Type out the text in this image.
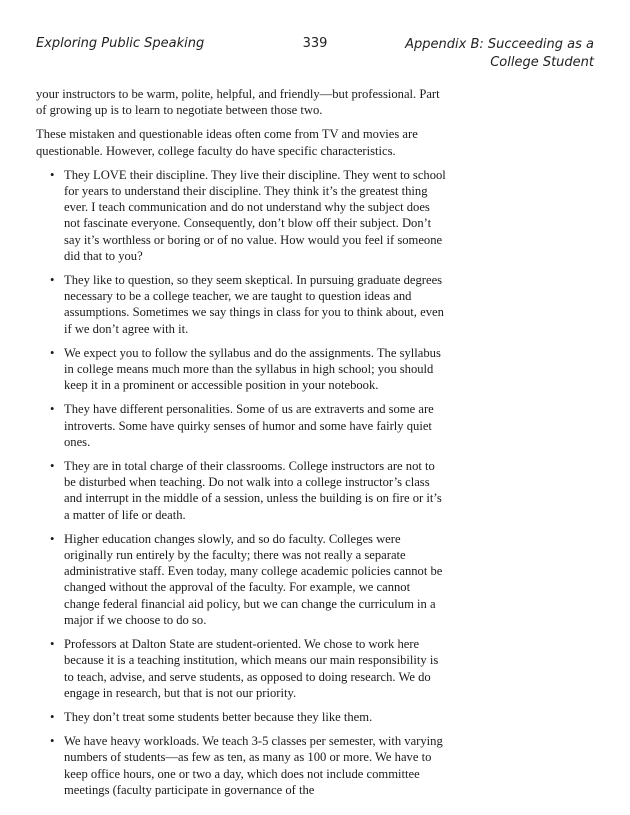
Exploring Public Speaking	339	Appendix B: Succeeding as a College Student

your instructors to be warm, polite, helpful, and friendly—but professional. Part of growing up is to learn to negotiate between those two.

These mistaken and questionable ideas often come from TV and movies are questionable. However, college faculty do have specific characteristics.

• They LOVE their discipline. They live their discipline. They went to school for years to understand their discipline. They think it’s the greatest thing ever. I teach communication and do not understand why the subject does not fascinate everyone. Consequently, don’t blow off their subject. Don’t say it’s worthless or boring or of no value. How would you feel if someone did that to you?
• They like to question, so they seem skeptical. In pursuing graduate degrees necessary to be a college teacher, we are taught to question ideas and assumptions. Sometimes we say things in class for you to think about, even if we don’t agree with it.
• We expect you to follow the syllabus and do the assignments. The syllabus in college means much more than the syllabus in high school; you should keep it in a prominent or accessible position in your notebook.
• They have different personalities. Some of us are extraverts and some are introverts. Some have quirky senses of humor and some have fairly quiet ones.
• They are in total charge of their classrooms. College instructors are not to be disturbed when teaching. Do not walk into a college instructor’s class and interrupt in the middle of a session, unless the building is on fire or it’s a matter of life or death.
• Higher education changes slowly, and so do faculty. Colleges were originally run entirely by the faculty; there was not really a separate administrative staff. Even today, many college academic policies cannot be changed without the approval of the faculty. For example, we cannot change federal financial aid policy, but we can change the curriculum in a major if we choose to do so.
• Professors at Dalton State are student-oriented. We chose to work here because it is a teaching institution, which means our main responsibility is to teach, advise, and serve students, as opposed to doing research. We do engage in research, but that is not our priority.
• They don’t treat some students better because they like them.
• We have heavy workloads. We teach 3-5 classes per semester, with varying numbers of students—as few as ten, as many as 100 or more. We have to keep office hours, one or two a day, which does not include committee meetings (faculty participate in governance of the
